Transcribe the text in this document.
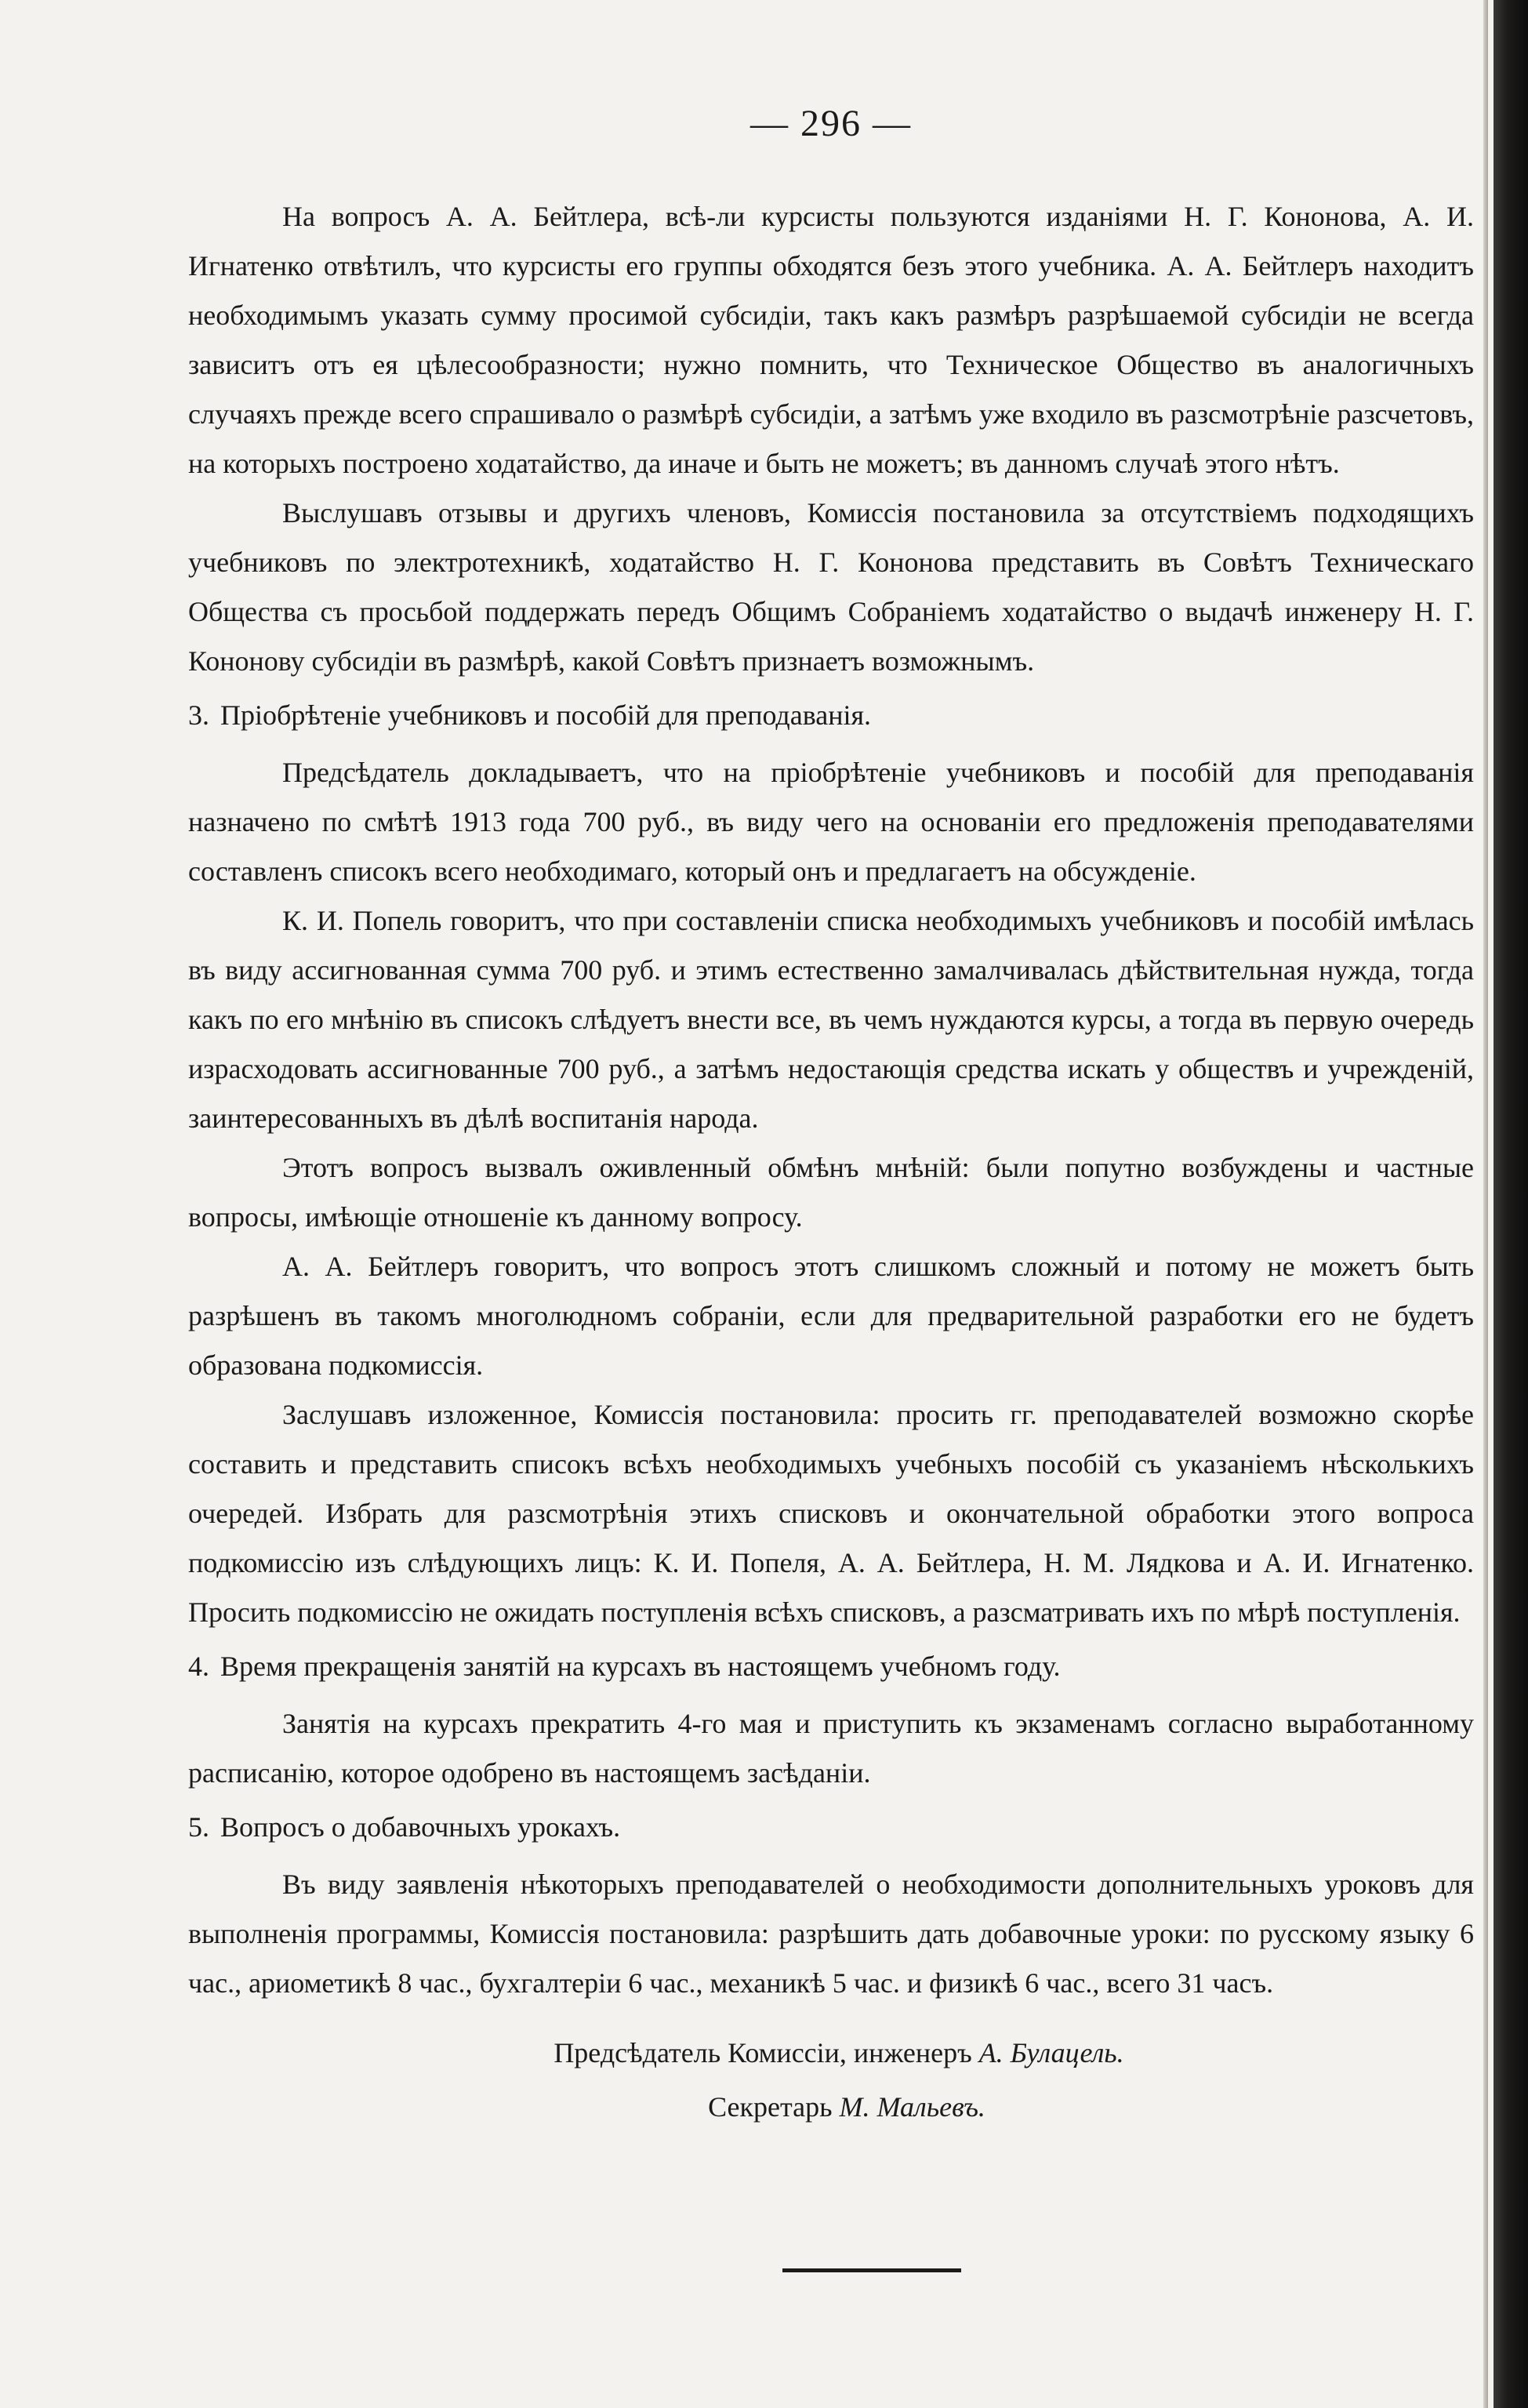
— 296 —

На вопросъ А. А. Бейтлера, всѣ-ли курсисты пользуются изданіями Н. Г. Кононова, А. И. Игнатенко отвѣтилъ, что курсисты его группы обходятся безъ этого учебника. А. А. Бейтлеръ находитъ необходимымъ указать сумму просимой субсидіи, такъ какъ размѣръ разрѣшаемой субсидіи не всегда зависитъ отъ ея цѣлесообразности; нужно помнить, что Техническое Общество въ аналогичныхъ случаяхъ прежде всего спрашивало о размѣрѣ субсидіи, а затѣмъ уже входило въ разсмотрѣніе разсчетовъ, на которыхъ построено ходатайство, да иначе и быть не можетъ; въ данномъ случаѣ этого нѣтъ.

Выслушавъ отзывы и другихъ членовъ, Комиссія постановила за отсутствіемъ подходящихъ учебниковъ по электротехникѣ, ходатайство Н. Г. Кононова представить въ Совѣтъ Техническаго Общества съ просьбой поддержать передъ Общимъ Собраніемъ ходатайство о выдачѣ инженеру Н. Г. Кононову субсидіи въ размѣрѣ, какой Совѣтъ признаетъ возможнымъ.

3. Пріобрѣтеніе учебниковъ и пособій для преподаванія.

Предсѣдатель докладываетъ, что на пріобрѣтеніе учебниковъ и пособій для преподаванія назначено по смѣтѣ 1913 года 700 руб., въ виду чего на основаніи его предложенія преподавателями составленъ списокъ всего необходимаго, который онъ и предлагаетъ на обсужденіе.

К. И. Попель говоритъ, что при составленіи списка необходимыхъ учебниковъ и пособій имѣлась въ виду ассигнованная сумма 700 руб. и этимъ естественно замалчивалась дѣйствительная нужда, тогда какъ по его мнѣнію въ списокъ слѣдуетъ внести все, въ чемъ нуждаются курсы, а тогда въ первую очередь израсходовать ассигнованные 700 руб., а затѣмъ недостающія средства искать у обществъ и учрежденій, заинтересованныхъ въ дѣлѣ воспитанія народа.

Этотъ вопросъ вызвалъ оживленный обмѣнъ мнѣній: были попутно возбуждены и частные вопросы, имѣющіе отношеніе къ данному вопросу.

А. А. Бейтлеръ говоритъ, что вопросъ этотъ слишкомъ сложный и потому не можетъ быть разрѣшенъ въ такомъ многолюдномъ собраніи, если для предварительной разработки его не будетъ образована подкомиссія.

Заслушавъ изложенное, Комиссія постановила: просить гг. преподавателей возможно скорѣе составить и представить списокъ всѣхъ необходимыхъ учебныхъ пособій съ указаніемъ нѣсколькихъ очередей. Избрать для разсмотрѣнія этихъ списковъ и окончательной обработки этого вопроса подкомиссію изъ слѣдующихъ лицъ: К. И. Попеля, А. А. Бейтлера, Н. М. Лядкова и А. И. Игнатенко. Просить подкомиссію не ожидать поступленія всѣхъ списковъ, а разсматривать ихъ по мѣрѣ поступленія.

4. Время прекращенія занятій на курсахъ въ настоящемъ учебномъ году.

Занятія на курсахъ прекратить 4-го мая и приступить къ экзаменамъ согласно выработанному расписанію, которое одобрено въ настоящемъ засѣданіи.

5. Вопросъ о добавочныхъ урокахъ.

Въ виду заявленія нѣкоторыхъ преподавателей о необходимости дополнительныхъ уроковъ для выполненія программы, Комиссія постановила: разрѣшить дать добавочные уроки: по русскому языку 6 час., ариометикѣ 8 час., бухгалтеріи 6 час., механикѣ 5 час. и физикѣ 6 час., всего 31 часъ.

Предсѣдатель Комиссіи, инженеръ А. Булацель.
Секретарь М. Мальевъ.
